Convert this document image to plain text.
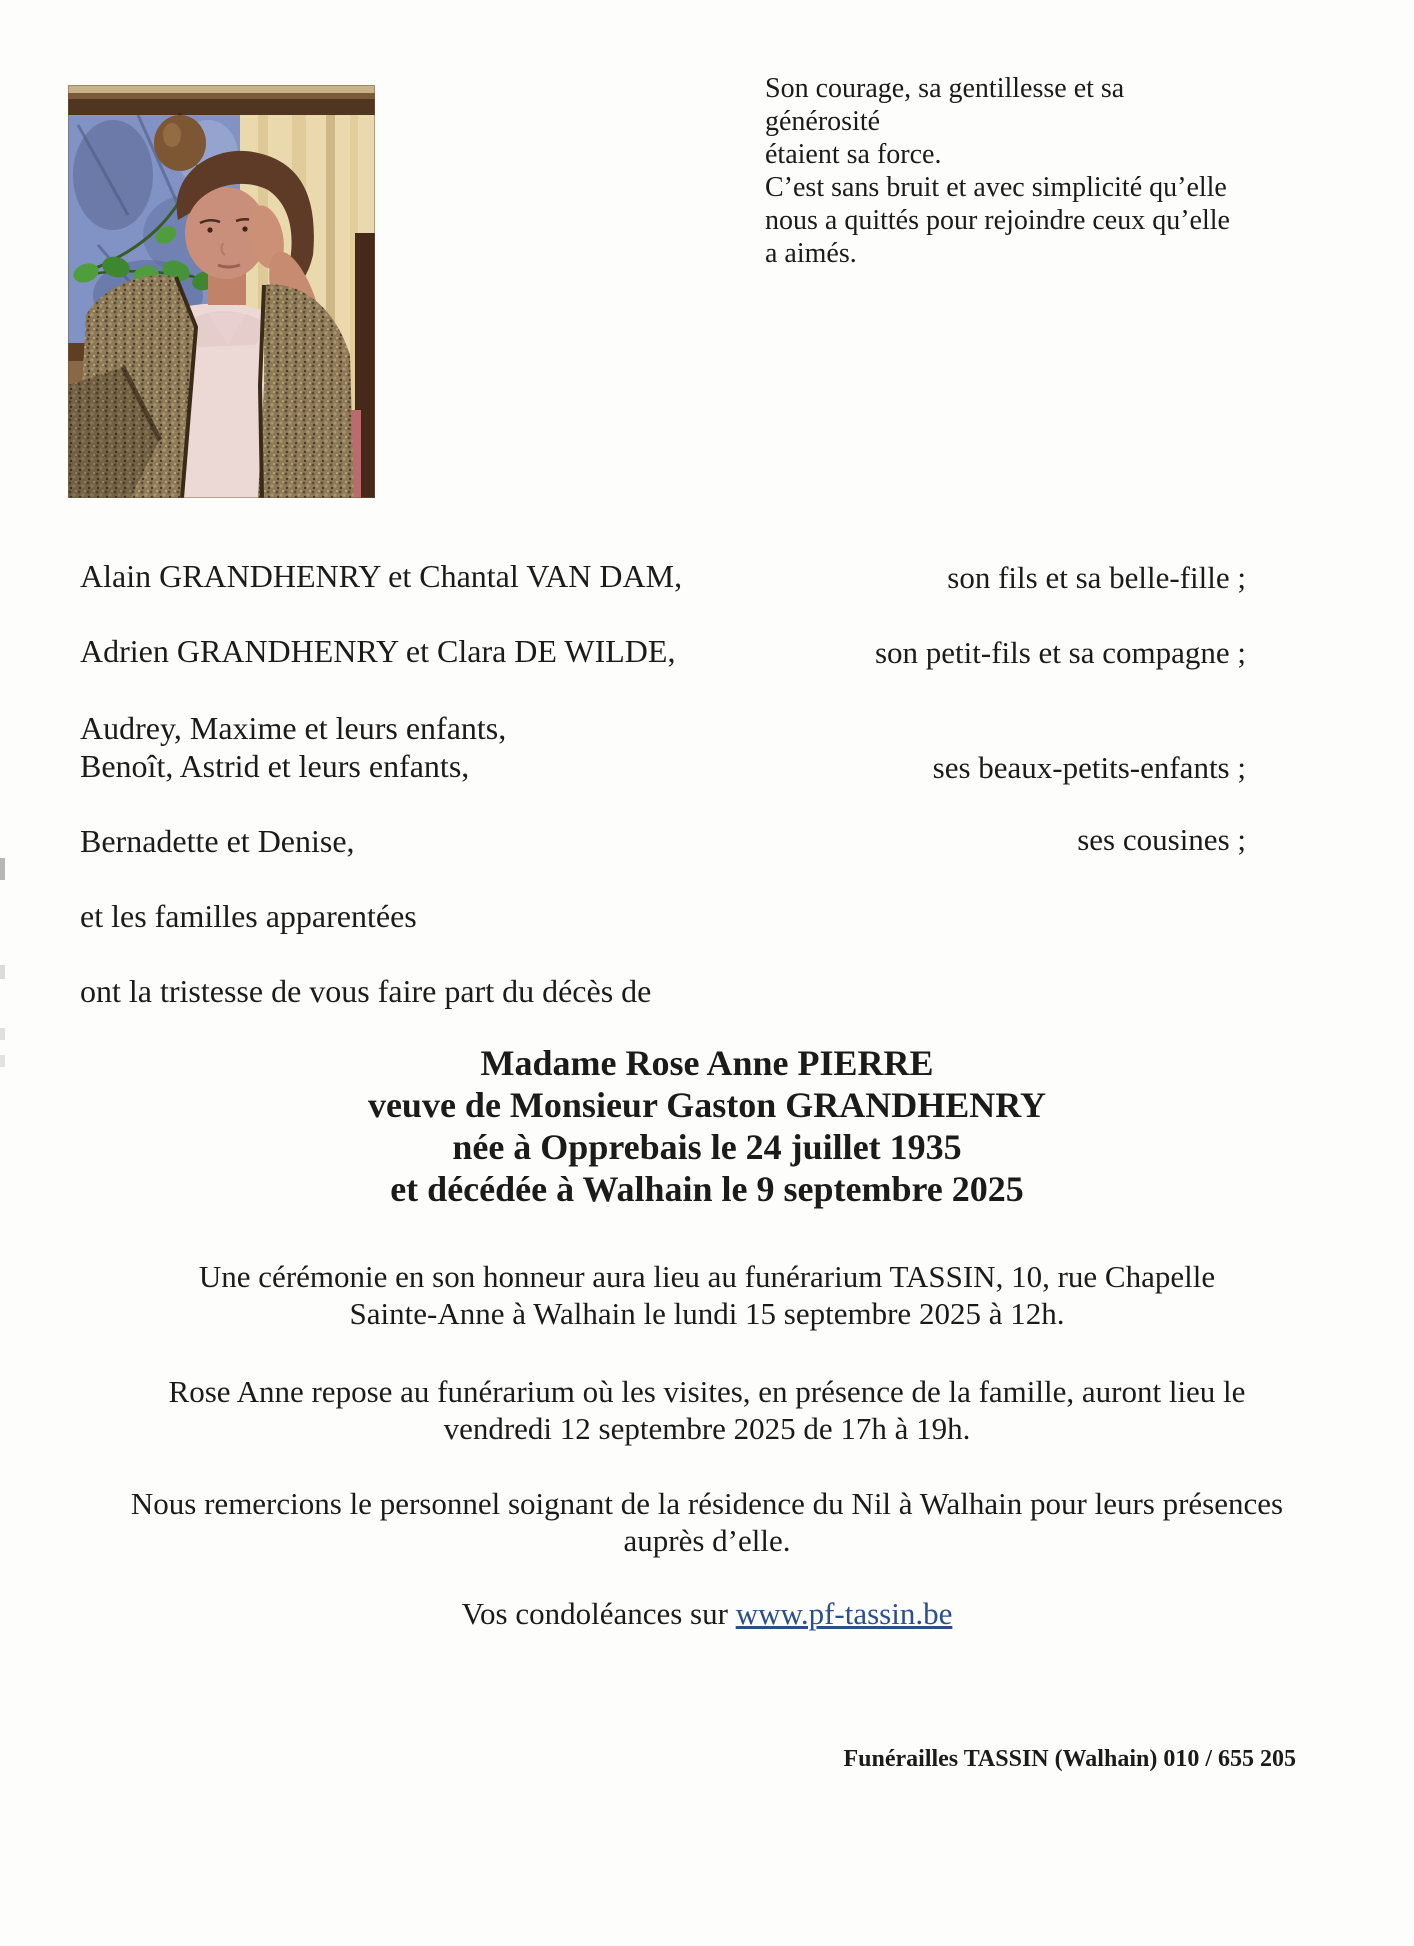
Son courage, sa gentillesse et sa générosité
étaient sa force.
C’est sans bruit et avec simplicité qu’elle
nous a quittés pour rejoindre ceux qu’elle
a aimés.
Alain GRANDHENRY et Chantal VAN DAM,	son fils et sa belle-fille ;
Adrien GRANDHENRY et Clara DE WILDE,	son petit-fils et sa compagne ;
Audrey, Maxime et leurs enfants,
Benoît, Astrid et leurs enfants,	ses beaux-petits-enfants ;
Bernadette et Denise,	ses cousines ;
et les familles apparentées
ont la tristesse de vous faire part du décès de
Madame Rose Anne PIERRE
veuve de Monsieur Gaston GRANDHENRY
née à Opprebais le 24 juillet 1935
et décédée à Walhain le 9 septembre 2025
Une cérémonie en son honneur aura lieu au funérarium TASSIN, 10, rue Chapelle
Sainte-Anne à Walhain le lundi 15 septembre 2025 à 12h.
Rose Anne repose au funérarium où les visites, en présence de la famille, auront lieu le
vendredi 12 septembre 2025 de 17h à 19h.
Nous remercions le personnel soignant de la résidence du Nil à Walhain pour leurs présences
auprès d’elle.
Vos condoléances sur www.pf-tassin.be
Funérailles TASSIN (Walhain) 010 / 655 205
